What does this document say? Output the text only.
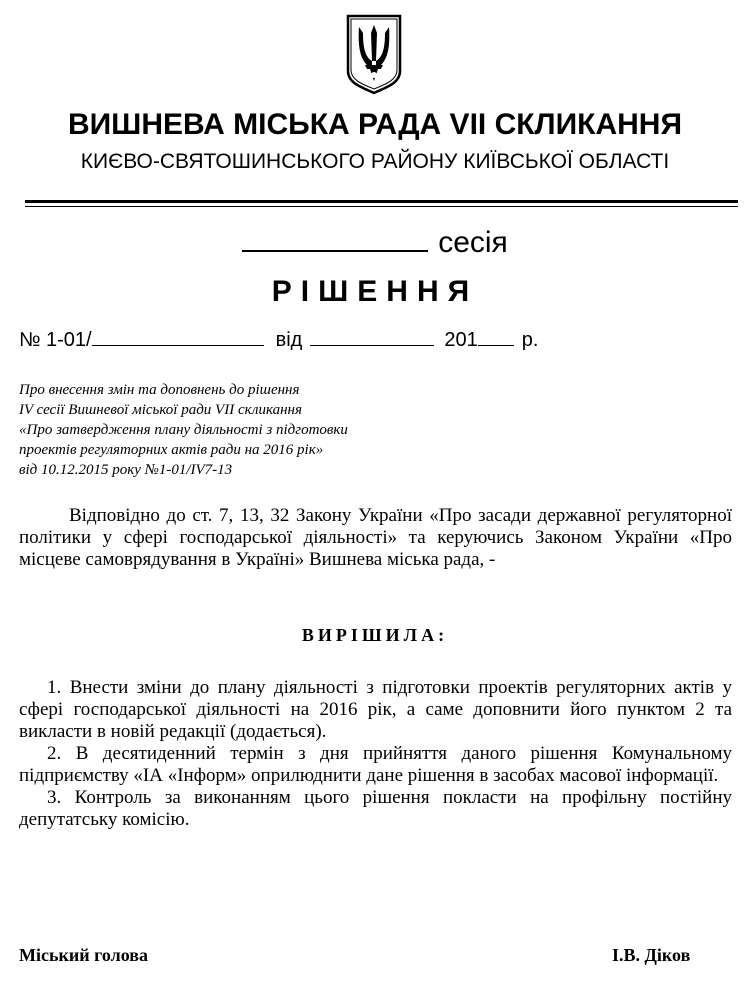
ВИШНЕВА МІСЬКА РАДА VII СКЛИКАННЯ
КИЄВО-СВЯТОШИНСЬКОГО РАЙОНУ КИЇВСЬКОЇ ОБЛАСТІ
сесія
РІШЕННЯ
№ 1-01/	від	201 р.
Про внесення змін та доповнень до рішення
IV сесії Вишневої міської ради VII скликання
«Про затвердження плану діяльності з підготовки
проектів регуляторних актів ради на 2016 рік»
від 10.12.2015 року №1-01/IV7-13
Відповідно до ст. 7, 13, 32 Закону України «Про засади державної регуляторної політики у сфері господарської діяльності» та керуючись Законом України «Про місцеве самоврядування в Україні» Вишнева міська рада, -
ВИРІШИЛА:

1. Внести зміни до плану діяльності з підготовки проектів регуляторних актів у сфері господарської діяльності на 2016 рік, а саме доповнити його пунктом 2 та викласти в новій редакції (додається).

2. В десятиденний термін з дня прийняття даного рішення Комунальному підприємству «ІА «Інформ» оприлюднити дане рішення в засобах масової інформації.

3. Контроль за виконанням цього рішення покласти на профільну постійну депутатську комісію.

Міський голова	І.В. Діков
